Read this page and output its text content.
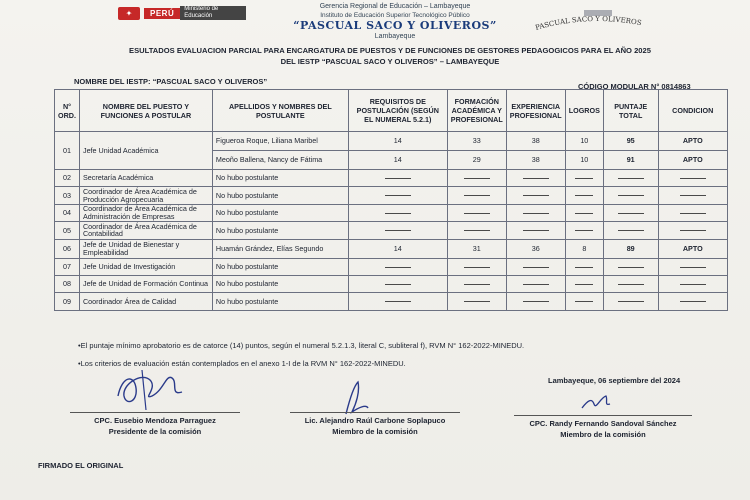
✦	PERÚ	Ministerio de Educación
Gerencia Regional de Educación – Lambayeque
Instituto de Educación Superior Tecnológico Público
“PASCUAL SACO Y OLIVEROS”
Lambayeque
PASCUAL SACO Y OLIVEROS
ESULTADOS EVALUACION PARCIAL PARA ENCARGATURA DE PUESTOS Y DE FUNCIONES DE GESTORES PEDAGOGICOS PARA EL AÑO 2025
DEL IESTP “PASCUAL SACO Y OLIVEROS” – LAMBAYEQUE
NOMBRE DEL IESTP: “PASCUAL SACO Y OLIVEROS”
CÓDIGO MODULAR N° 0814863
N° ORD.	NOMBRE DEL PUESTO Y FUNCIONES A POSTULAR	APELLIDOS Y NOMBRES DEL POSTULANTE	REQUISITOS DE POSTULACIÓN (SEGÚN EL NUMERAL 5.2.1)	FORMACIÓN ACADÉMICA Y PROFESIONAL	EXPERIENCIA PROFESIONAL	LOGROS	PUNTAJE TOTAL	CONDICION
01	Jefe Unidad Académica	Figueroa Roque, Liliana Maribel	14	33	38	10	95	APTO
		Meoño Ballena, Nancy de Fátima	14	29	38	10	91	APTO
02	Secretaría Académica	No hubo postulante						
03	Coordinador de Área Académica de Producción Agropecuaria	No hubo postulante						
04	Coordinador de Área Académica de Administración de Empresas	No hubo postulante						
05	Coordinador de Área Académica de Contabilidad	No hubo postulante						
06	Jefe de Unidad de Bienestar y Empleabilidad	Huamán Grández, Elías Segundo	14	31	36	8	89	APTO
07	Jefe Unidad de Investigación	No hubo postulante						
08	Jefe de Unidad de Formación Continua	No hubo postulante						
09	Coordinador Área de Calidad	No hubo postulante						
•El puntaje mínimo aprobatorio es de catorce (14) puntos, según el numeral 5.2.1.3, literal C, subliteral f), RVM N° 162-2022-MINEDU.
•Los criterios de evaluación están contemplados en el anexo 1-I de la RVM N° 162-2022-MINEDU.
Lambayeque, 06 septiembre del 2024
CPC. Eusebio Mendoza Parraguez
Presidente de la comisión
Lic. Alejandro Raúl Carbone Soplapuco
Miembro de la comisión
CPC. Randy Fernando Sandoval Sánchez
Miembro de la comisión
FIRMADO EL ORIGINAL
